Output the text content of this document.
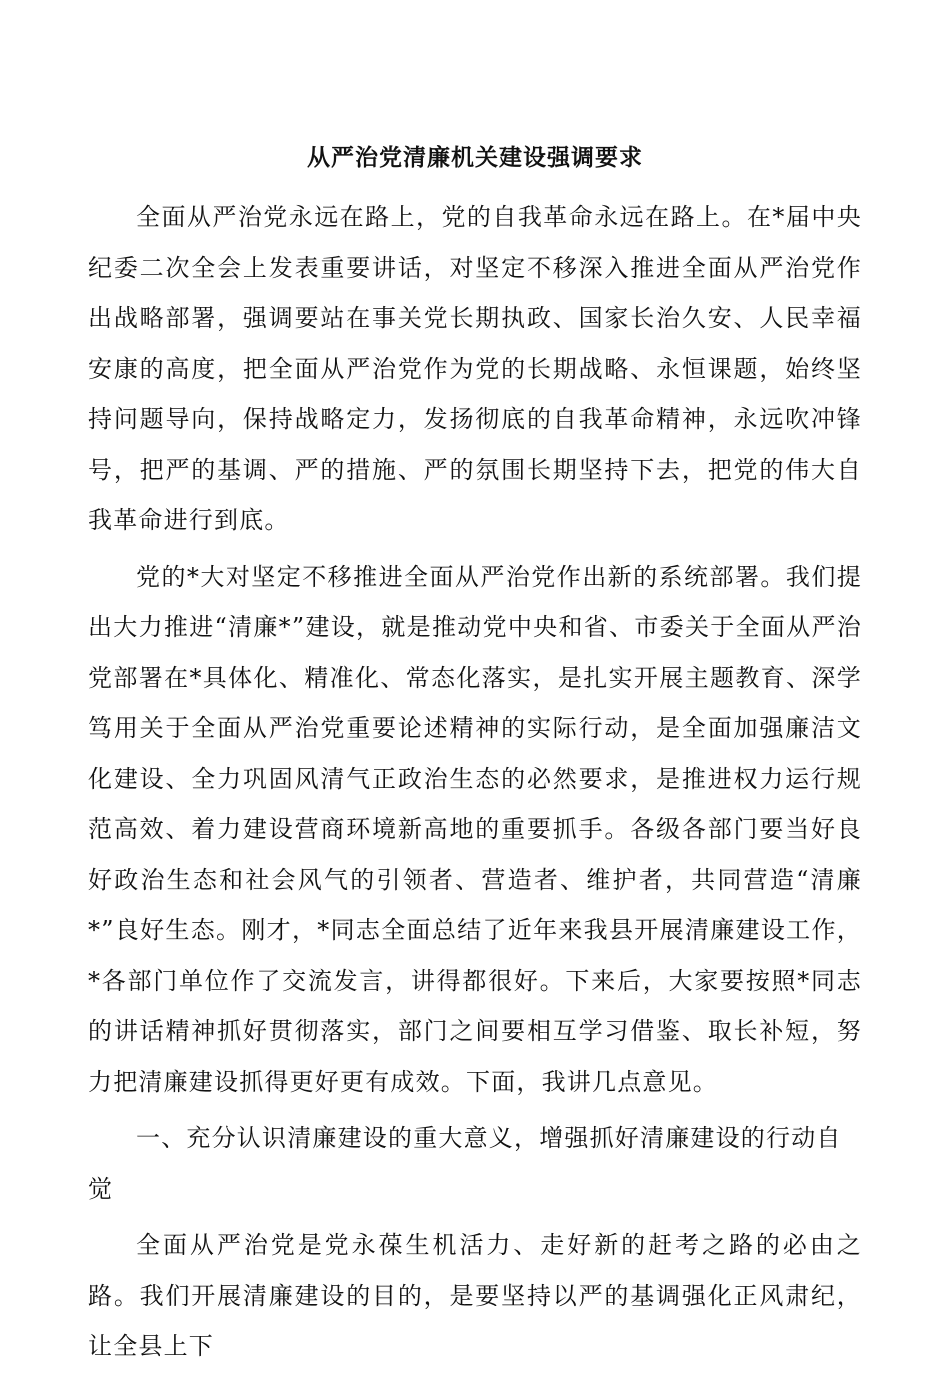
从严治党清廉机关建设强调要求

全面从严治党永远在路上，党的自我革命永远在路上。在*届中央纪委二次全会上发表重要讲话，对坚定不移深入推进全面从严治党作出战略部署，强调要站在事关党长期执政、国家长治久安、人民幸福安康的高度，把全面从严治党作为党的长期战略、永恒课题，始终坚持问题导向，保持战略定力，发扬彻底的自我革命精神，永远吹冲锋号，把严的基调、严的措施、严的氛围长期坚持下去，把党的伟大自我革命进行到底。

党的*大对坚定不移推进全面从严治党作出新的系统部署。我们提出大力推进“清廉*”建设，就是推动党中央和省、市委关于全面从严治党部署在*具体化、精准化、常态化落实，是扎实开展主题教育、深学笃用关于全面从严治党重要论述精神的实际行动，是全面加强廉洁文化建设、全力巩固风清气正政治生态的必然要求，是推进权力运行规范高效、着力建设营商环境新高地的重要抓手。各级各部门要当好良好政治生态和社会风气的引领者、营造者、维护者，共同营造“清廉*”良好生态。刚才，*同志全面总结了近年来我县开展清廉建设工作，*各部门单位作了交流发言，讲得都很好。下来后，大家要按照*同志的讲话精神抓好贯彻落实，部门之间要相互学习借鉴、取长补短，努力把清廉建设抓得更好更有成效。下面，我讲几点意见。

一、充分认识清廉建设的重大意义，增强抓好清廉建设的行动自觉

全面从严治党是党永葆生机活力、走好新的赶考之路的必由之路。我们开展清廉建设的目的，是要坚持以严的基调强化正风肃纪，让全县上下
